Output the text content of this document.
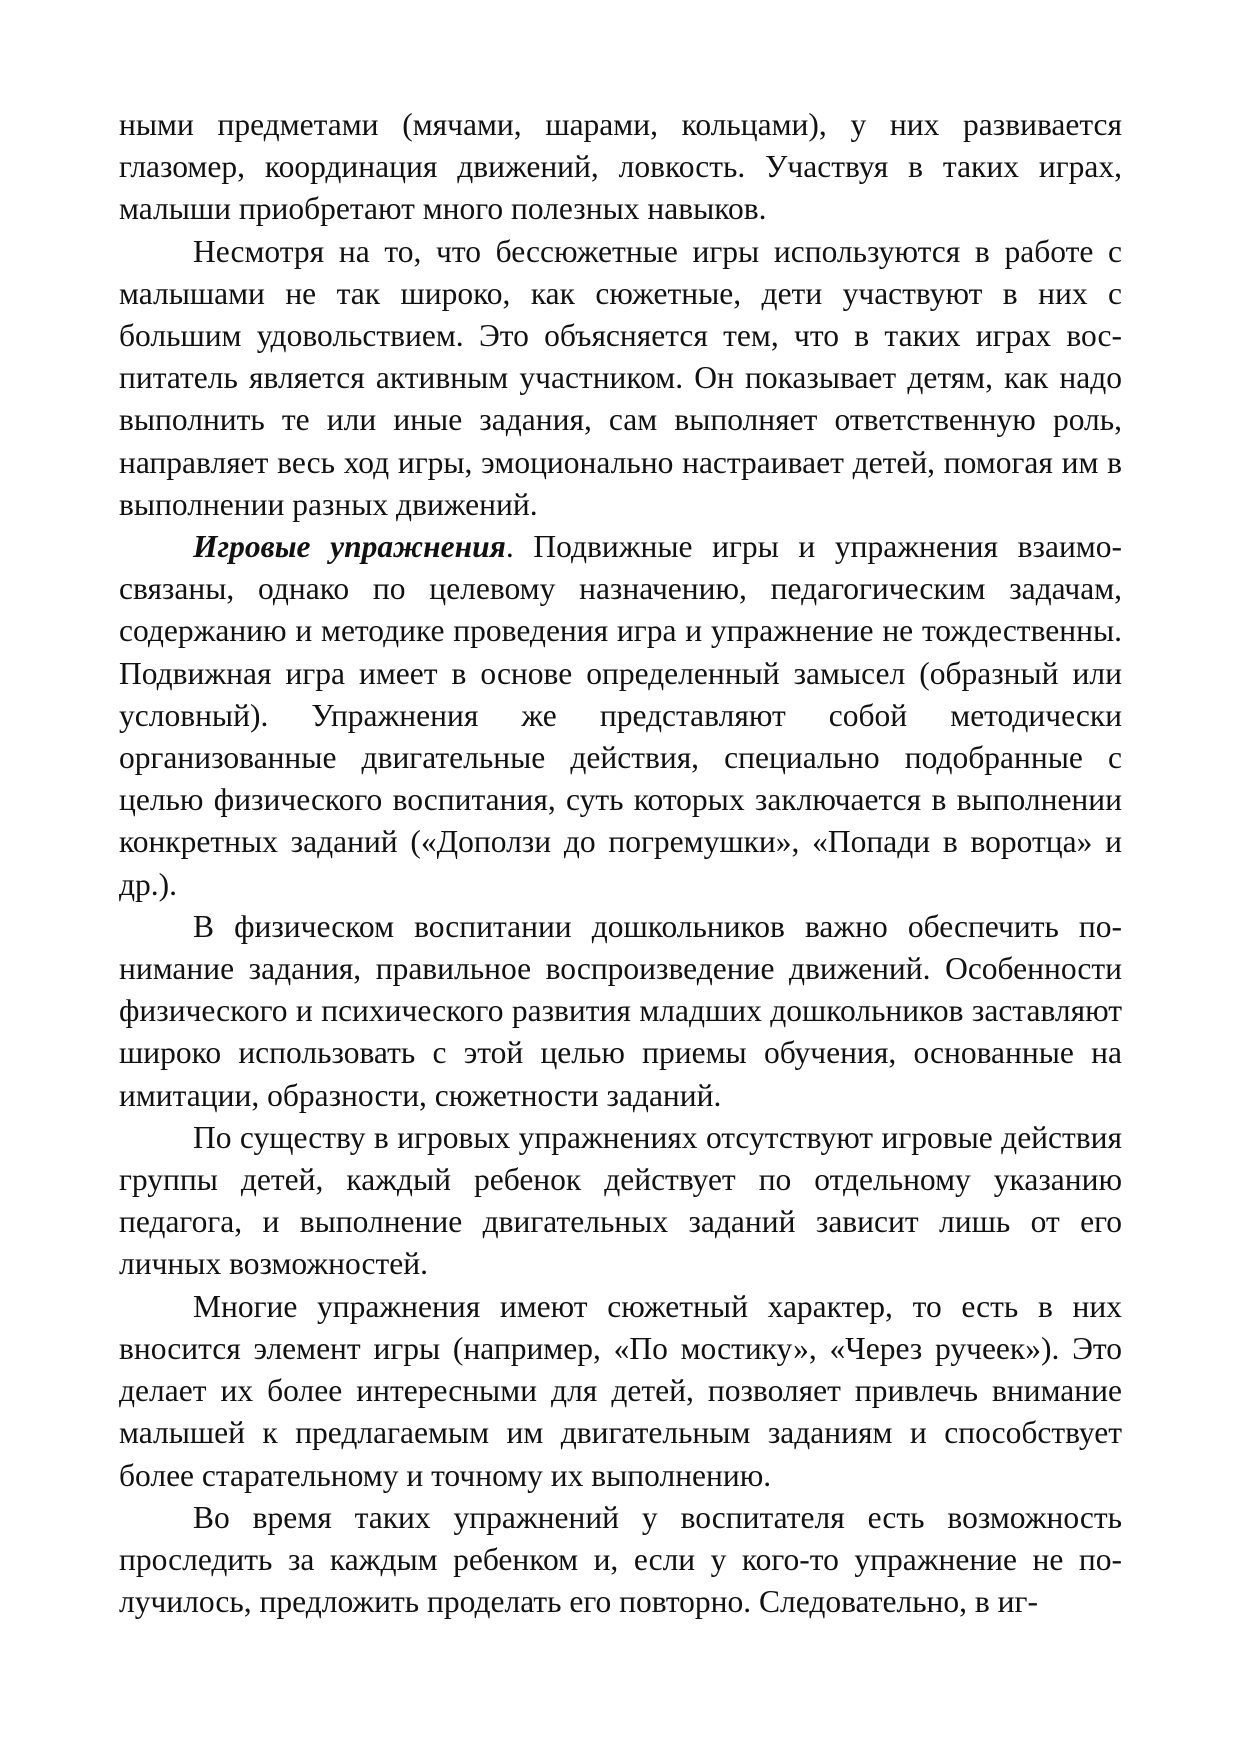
ными предметами (мячами, шарами, кольцами), у них развивается глазомер, координация движений, ловкость. Участвуя в таких играх, малыши приобретают много полезных навыков.

Несмотря на то, что бессюжетные игры используются в работе с малышами не так широко, как сюжетные, дети участвуют в них с большим удовольствием. Это объясняется тем, что в таких играх воспитатель является активным участником. Он показывает детям, как надо выполнить те или иные задания, сам выполняет ответственную роль, направляет весь ход игры, эмоционально настраивает детей, помогая им в выполнении разных движений.

Игровые упражнения. Подвижные игры и упражнения взаимосвязаны, однако по целевому назначению, педагогическим задачам, содержанию и методике проведения игра и упражнение не тождественны. Подвижная игра имеет в основе определенный замысел (образный или условный). Упражнения же представляют собой методически организованные двигательные действия, специально подобранные с целью физического воспитания, суть которых заключается в выполнении конкретных заданий («Доползи до погремушки», «Попади в воротца» и др.).

В физическом воспитании дошкольников важно обеспечить понимание задания, правильное воспроизведение движений. Особенности физического и психического развития младших дошкольников заставляют широко использовать с этой целью приемы обучения, основанные на имитации, образности, сюжетности заданий.

По существу в игровых упражнениях отсутствуют игровые действия группы детей, каждый ребенок действует по отдельному указанию педагога, и выполнение двигательных заданий зависит лишь от его личных возможностей.

Многие упражнения имеют сюжетный характер, то есть в них вносится элемент игры (например, «По мостику», «Через ручеек»). Это делает их более интересными для детей, позволяет привлечь внимание малышей к предлагаемым им двигательным заданиям и способствует более старательному и точному их выполнению.

Во время таких упражнений у воспитателя есть возможность проследить за каждым ребенком и, если у кого-то упражнение не получилось, предложить проделать его повторно. Следовательно, в иг-
